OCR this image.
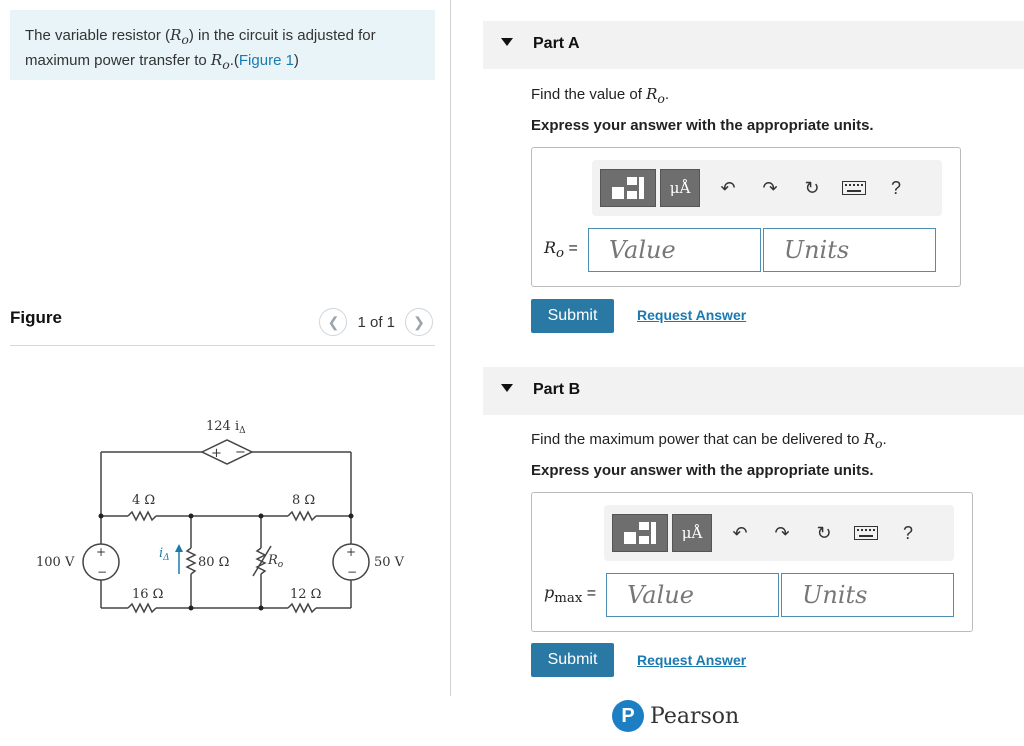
The variable resistor $(R_o)$ in the circuit is adjusted for maximum power transfer to $R_o.(Figure$ 1)
Figure	❮ 1 of 1 ❯
+ −
+
−
+
−
124 $i_\Delta$
4 Ω	8 Ω
16 Ω	12 Ω
80 Ω	$R_o$
100 V	50 V
$i_\Delta$
Part A
Find the value of $R_o$.
Express your answer with the appropriate units.
μÅ ↶ ↷ ↻	?
$R_o$ =	Value	Units
Submit	Request Answer
Part B
Find the maximum power that can be delivered to $R_o$.
Express your answer with the appropriate units.
μÅ ↶ ↷ ↻	?
$p_{max}$ =	Value	Units
Submit	Request Answer
P Pearson
